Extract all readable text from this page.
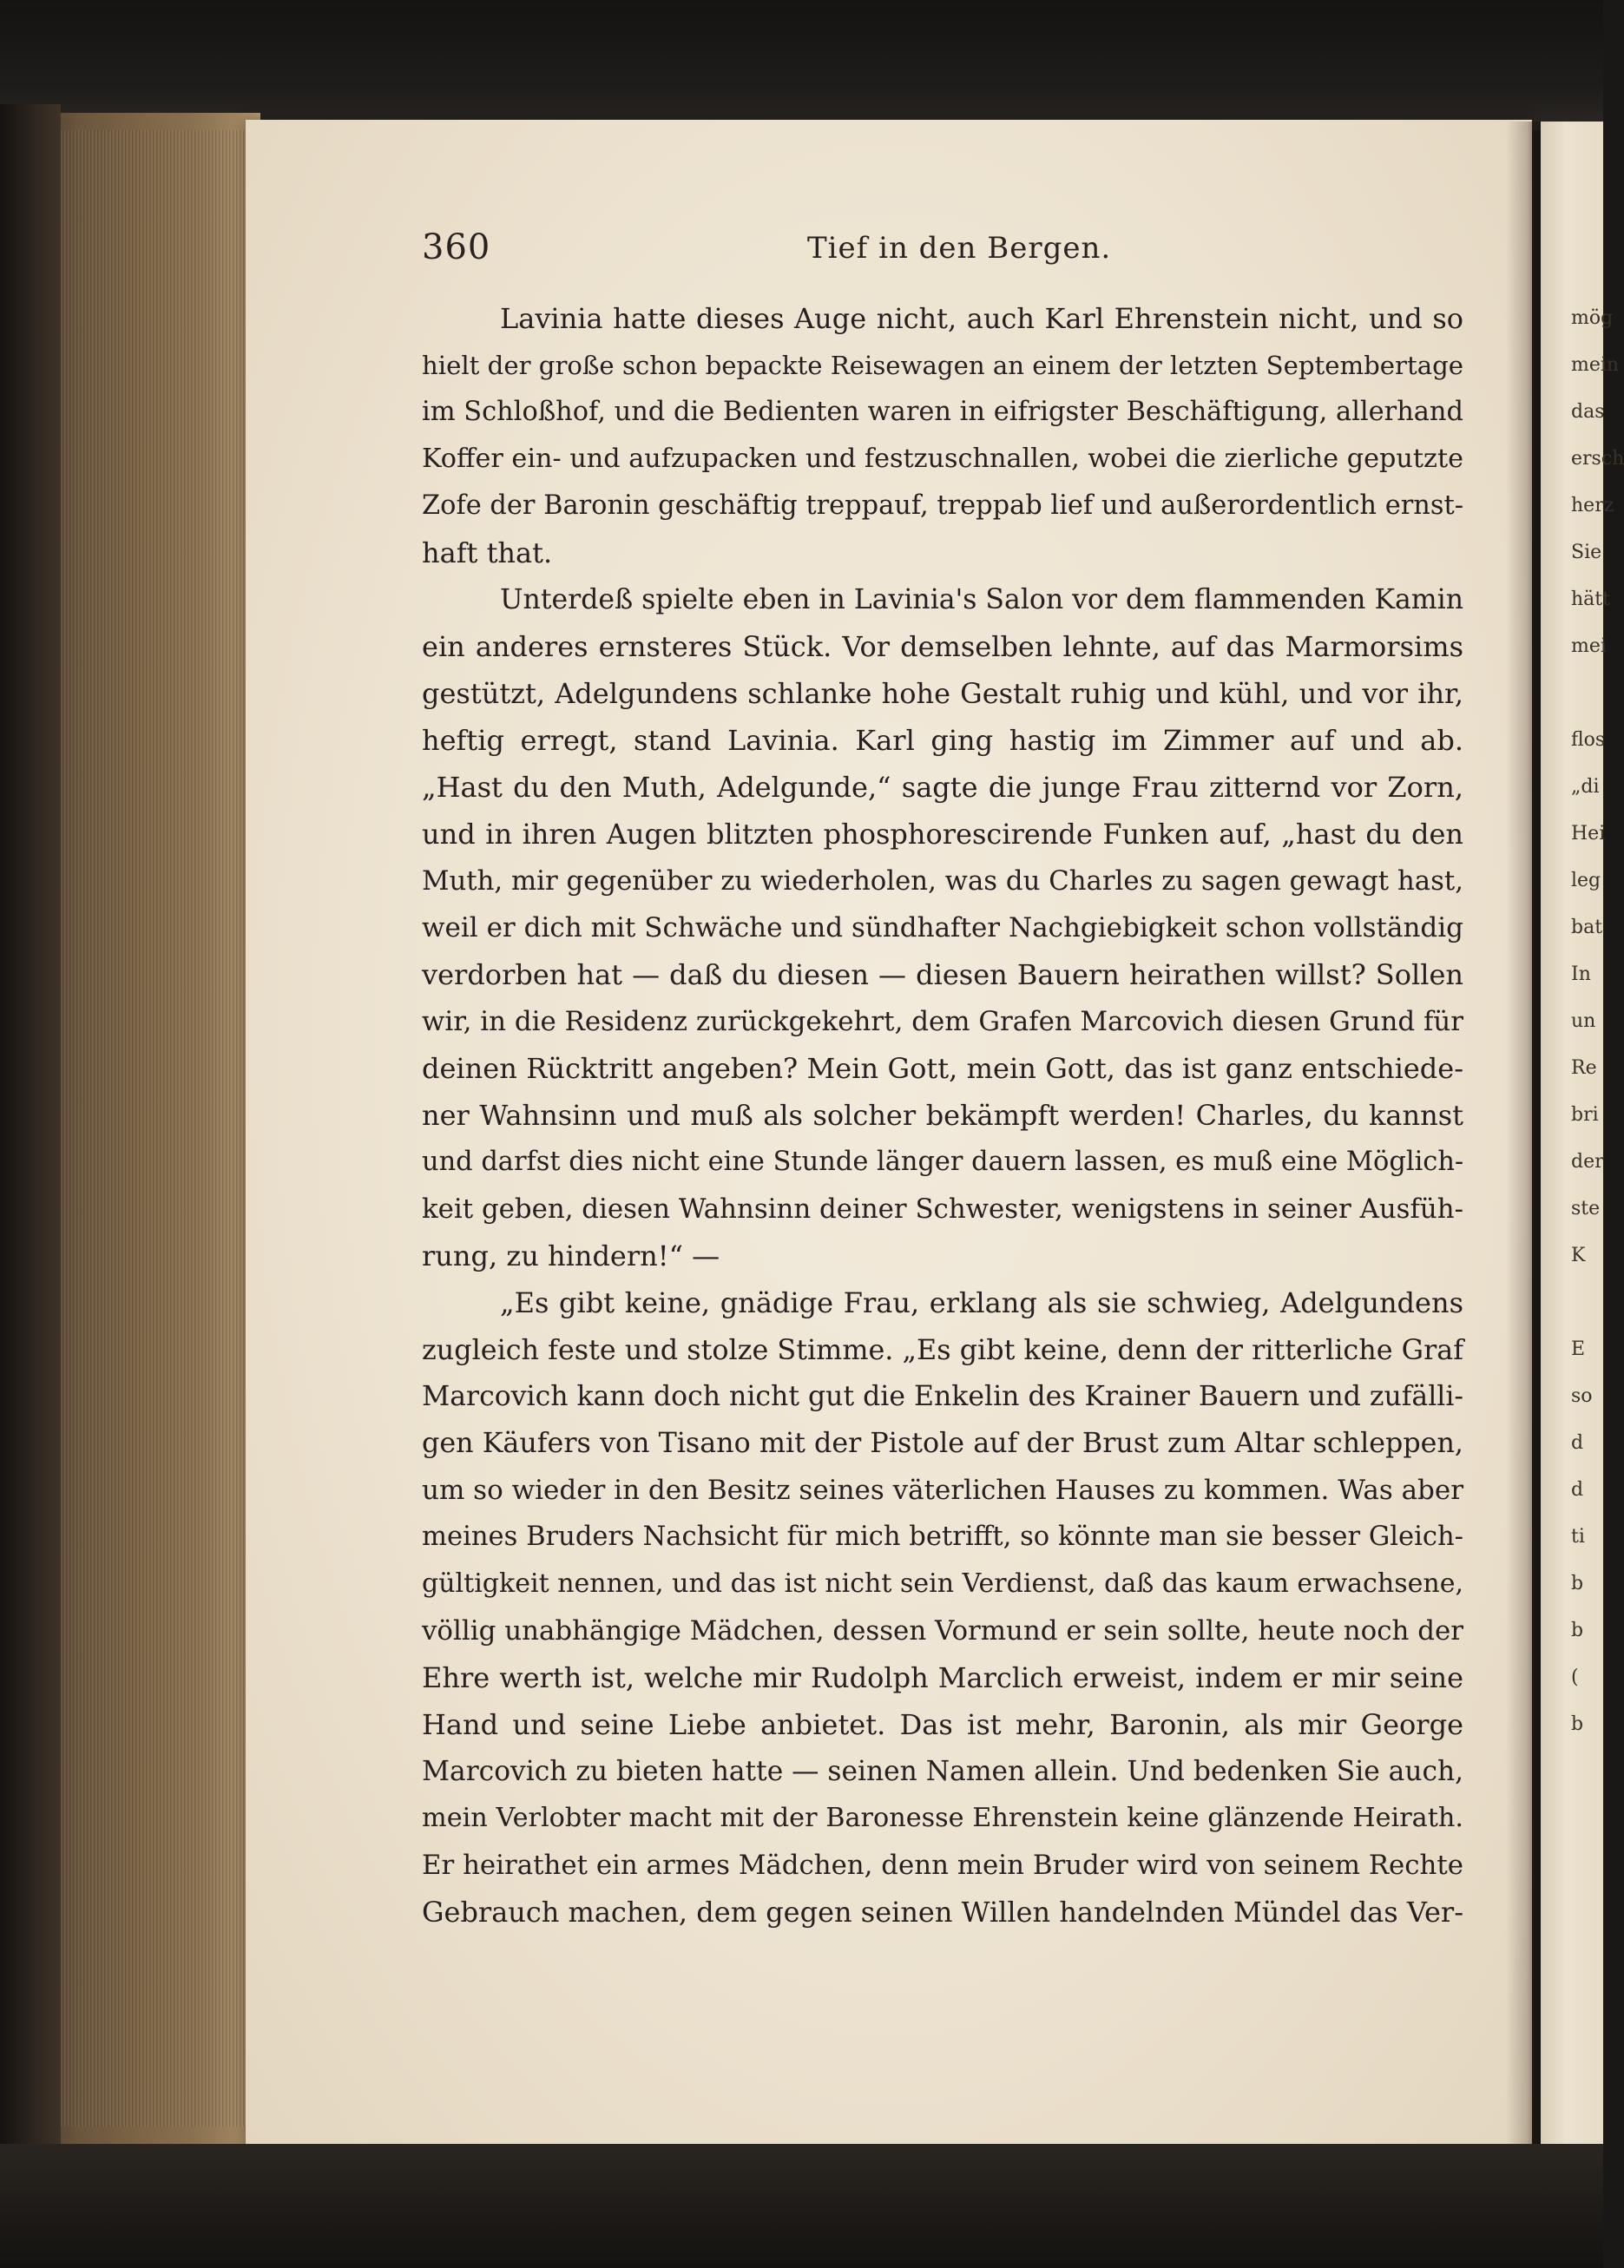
360	Tief in den Bergen.
Lavinia hatte dieses Auge nicht, auch Karl Ehrenstein nicht, und so
hielt der große schon bepackte Reisewagen an einem der letzten Septembertage
im Schloßhof, und die Bedienten waren in eifrigster Beschäftigung, allerhand
Koffer ein- und aufzupacken und festzuschnallen, wobei die zierliche geputzte
Zofe der Baronin geschäftig treppauf, treppab lief und außerordentlich ernst-
haft that.
Unterdeß spielte eben in Lavinia's Salon vor dem flammenden Kamin
ein anderes ernsteres Stück. Vor demselben lehnte, auf das Marmorsims
gestützt, Adelgundens schlanke hohe Gestalt ruhig und kühl, und vor ihr,
heftig erregt, stand Lavinia. Karl ging hastig im Zimmer auf und ab.
„Hast du den Muth, Adelgunde,“ sagte die junge Frau zitternd vor Zorn,
und in ihren Augen blitzten phosphorescirende Funken auf, „hast du den
Muth, mir gegenüber zu wiederholen, was du Charles zu sagen gewagt hast,
weil er dich mit Schwäche und sündhafter Nachgiebigkeit schon vollständig
verdorben hat — daß du diesen — diesen Bauern heirathen willst? Sollen
wir, in die Residenz zurückgekehrt, dem Grafen Marcovich diesen Grund für
deinen Rücktritt angeben? Mein Gott, mein Gott, das ist ganz entschiede-
ner Wahnsinn und muß als solcher bekämpft werden! Charles, du kannst
und darfst dies nicht eine Stunde länger dauern lassen, es muß eine Möglich-
keit geben, diesen Wahnsinn deiner Schwester, wenigstens in seiner Ausfüh-
rung, zu hindern!“ —
„Es gibt keine, gnädige Frau, erklang als sie schwieg, Adelgundens
zugleich feste und stolze Stimme. „Es gibt keine, denn der ritterliche Graf
Marcovich kann doch nicht gut die Enkelin des Krainer Bauern und zufälli-
gen Käufers von Tisano mit der Pistole auf der Brust zum Altar schleppen,
um so wieder in den Besitz seines väterlichen Hauses zu kommen. Was aber
meines Bruders Nachsicht für mich betrifft, so könnte man sie besser Gleich-
gültigkeit nennen, und das ist nicht sein Verdienst, daß das kaum erwachsene,
völlig unabhängige Mädchen, dessen Vormund er sein sollte, heute noch der
Ehre werth ist, welche mir Rudolph Marclich erweist, indem er mir seine
Hand und seine Liebe anbietet. Das ist mehr, Baronin, als mir George
Marcovich zu bieten hatte — seinen Namen allein. Und bedenken Sie auch,
mein Verlobter macht mit der Baronesse Ehrenstein keine glänzende Heirath.
Er heirathet ein armes Mädchen, denn mein Bruder wird von seinem Rechte
Gebrauch machen, dem gegen seinen Willen handelnden Mündel das Ver-
mög
mein
das
ersch
herz
Sie
hätt
mei
flos
„di
Hei
leg
bat
In
un
Re
bri
der
ste
K
E
so
d
d
ti
b
b
(
b
